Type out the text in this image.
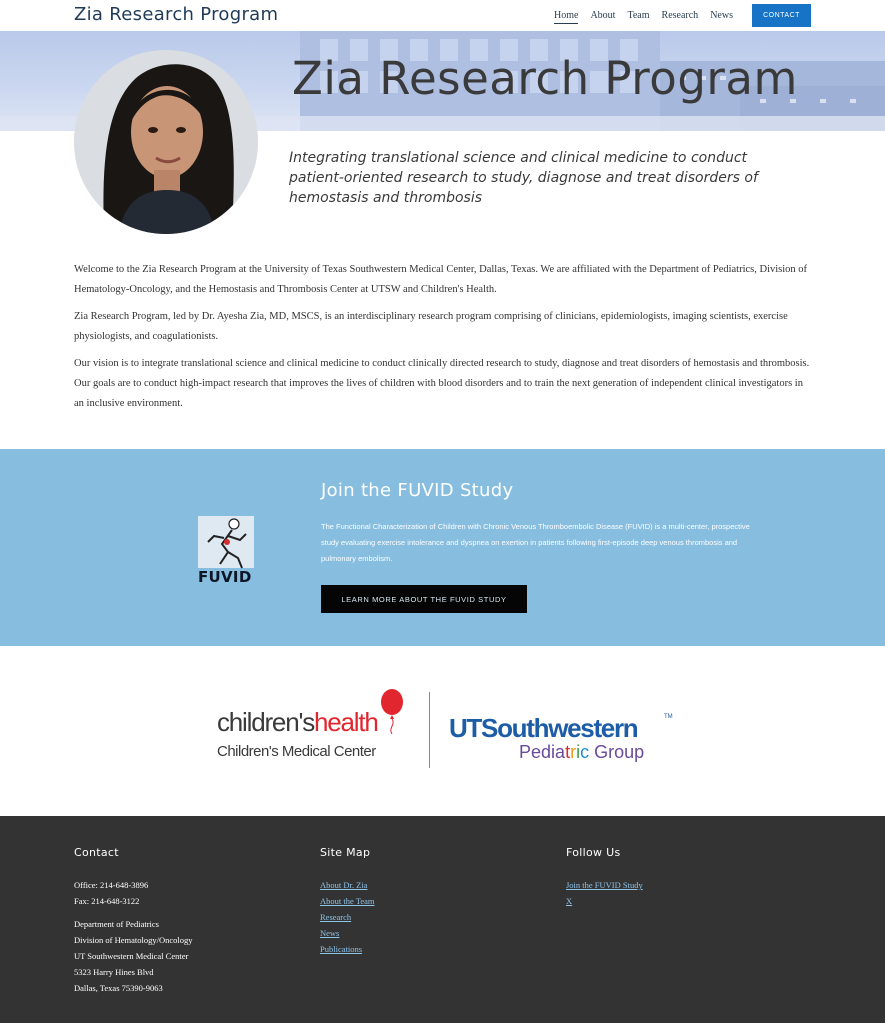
Zia Research Program	Home About Team Research News	CONTACT
Zia Research Program
Integrating translational science and clinical medicine to conduct patient-oriented research to study, diagnose and treat disorders of hemostasis and thrombosis

Welcome to the Zia Research Program at the University of Texas Southwestern Medical Center, Dallas, Texas. We are affiliated with the Department of Pediatrics, Division of Hematology-Oncology, and the Hemostasis and Thrombosis Center at UTSW and Children's Health.

Zia Research Program, led by Dr. Ayesha Zia, MD, MSCS, is an interdisciplinary research program comprising of clinicians, epidemiologists, imaging scientists, exercise physiologists, and coagulationists.

Our vision is to integrate translational science and clinical medicine to conduct clinically directed research to study, diagnose and treat disorders of hemostasis and thrombosis. Our goals are to conduct high-impact research that improves the lives of children with blood disorders and to train the next generation of independent clinical investigators in an inclusive environment.

FUVID
Join the FUVID Study
The Functional Characterization of Children with Chronic Venous Thromboembolic Disease (FUVID) is a multi-center, prospective study evaluating exercise intolerance and dyspnea on exertion in patients following first-episode deep venous thrombosis and pulmonary embolism.
LEARN MORE ABOUT THE FUVID STUDY
children'shealth
Children's Medical Center
UTSouthwestern	TM
Pediatric Group
Contact
Office: 214-648-3896
Fax: 214-648-3122
Department of Pediatrics
Division of Hematology/Oncology
UT Southwestern Medical Center
5323 Harry Hines Blvd
Dallas, Texas 75390-9063
Site Map
About Dr. Zia
About the Team
Research
News
Publications
Follow Us
Join the FUVID Study
X
